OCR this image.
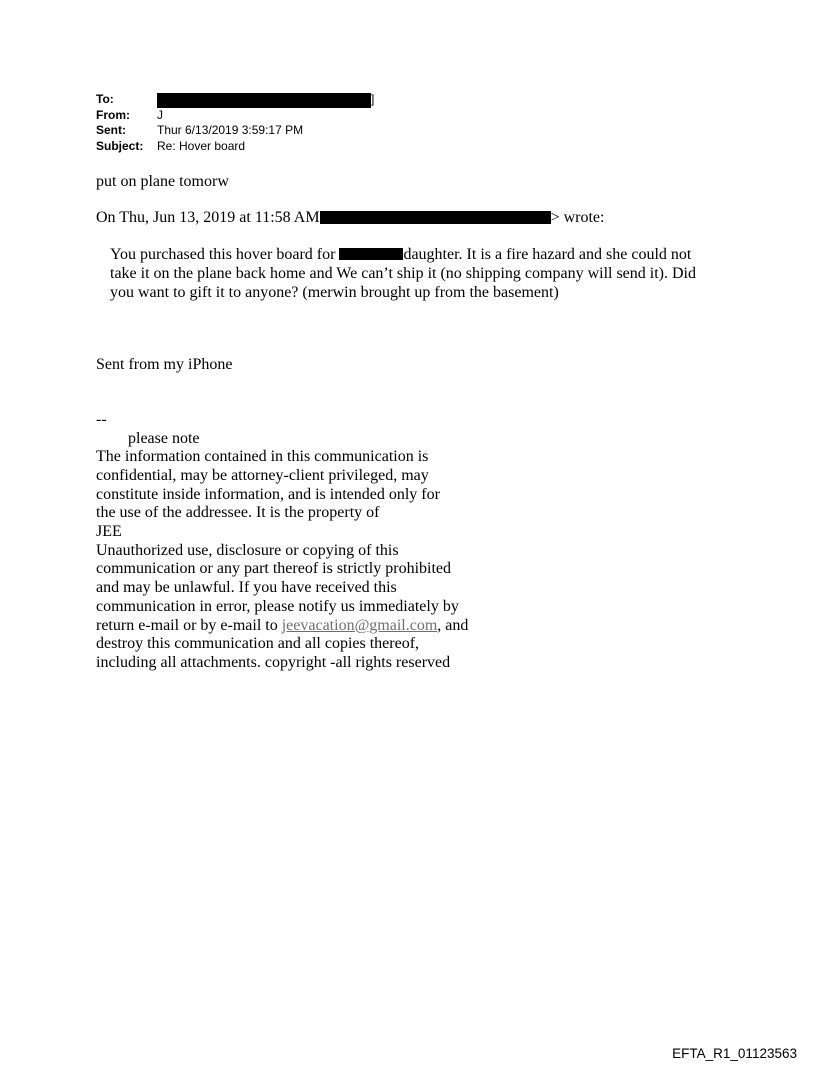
To:	]
From: J
Sent:	Thur 6/13/2019 3:59:17 PM
Subject: Re: Hover board

put on plane tomorw

On Thu, Jun 13, 2019 at 11:58 AM	> wrote:

You purchased this hover board for	daughter. It is a fire hazard and she could not take it on the plane back home and We can’t ship it (no shipping company will send it). Did you want to gift it to anyone? (merwin brought up from the basement)

Sent from my iPhone

--
please note
The information contained in this communication is
confidential, may be attorney-client privileged, may
constitute inside information, and is intended only for
the use of the addressee. It is the property of
JEE
Unauthorized use, disclosure or copying of this
communication or any part thereof is strictly prohibited
and may be unlawful. If you have received this
communication in error, please notify us immediately by
return e-mail or by e-mail to jeevacation@gmail.com, and
destroy this communication and all copies thereof,
including all attachments. copyright -all rights reserved
EFTA_R1_01123563
